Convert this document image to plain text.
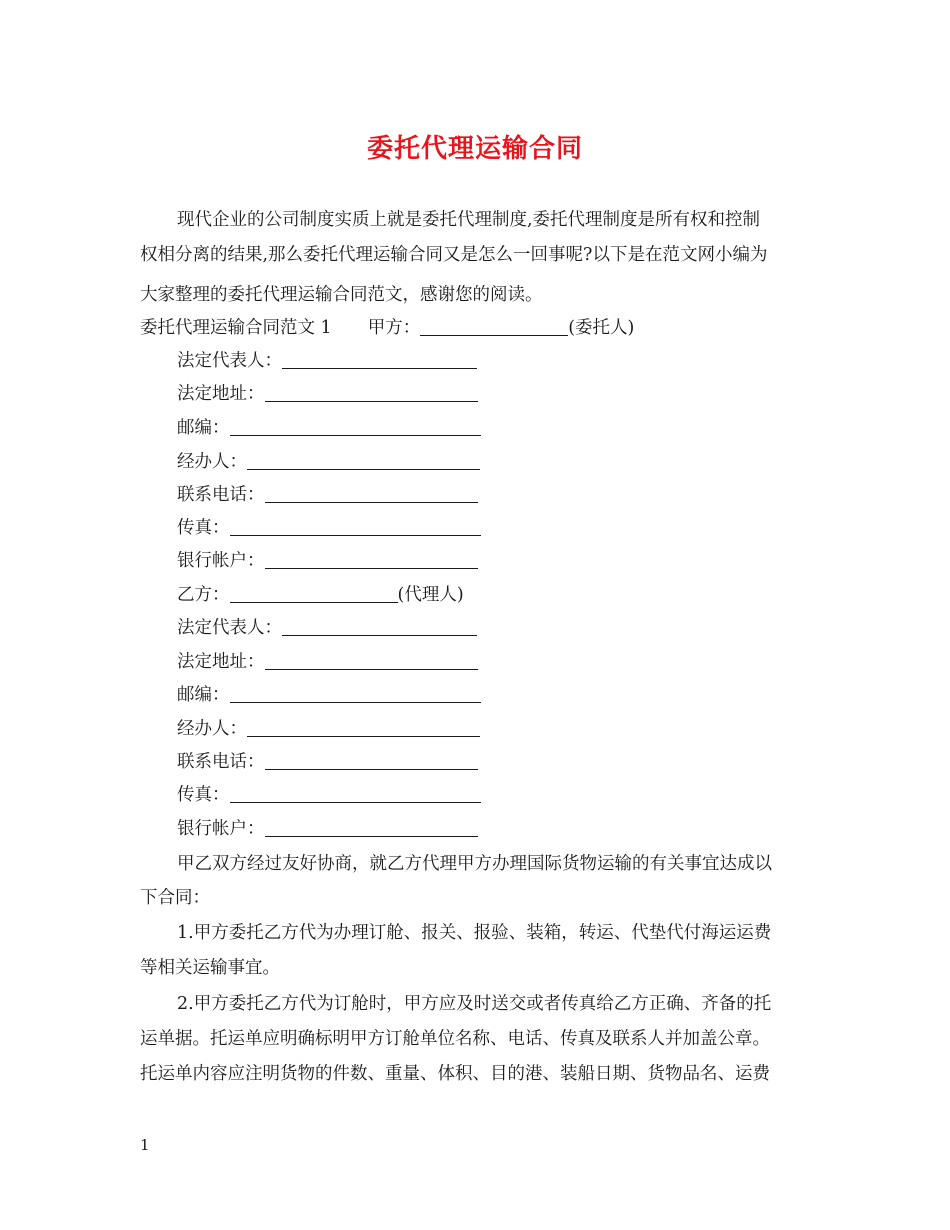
委托代理运输合同
现代企业的公司制度实质上就是委托代理制度,委托代理制度是所有权和控制
权相分离的结果,那么委托代理运输合同又是怎么一回事呢?以下是在范文网小编为
大家整理的委托代理运输合同范文，感谢您的阅读。
委托代理运输合同范文 1 甲方：	(委托人)
法定代表人：
法定地址：
邮编：
经办人：
联系电话：
传真：
银行帐户：
乙方：	(代理人)
法定代表人：
法定地址：
邮编：
经办人：
联系电话：
传真：
银行帐户：
甲乙双方经过友好协商，就乙方代理甲方办理国际货物运输的有关事宜达成以
下合同：
1.甲方委托乙方代为办理订舱、报关、报验、装箱，转运、代垫代付海运运费
等相关运输事宜。
2.甲方委托乙方代为订舱时，甲方应及时送交或者传真给乙方正确、齐备的托
运单据。托运单应明确标明甲方订舱单位名称、电话、传真及联系人并加盖公章。
托运单内容应注明货物的件数、重量、体积、目的港、装船日期、货物品名、运费
1
